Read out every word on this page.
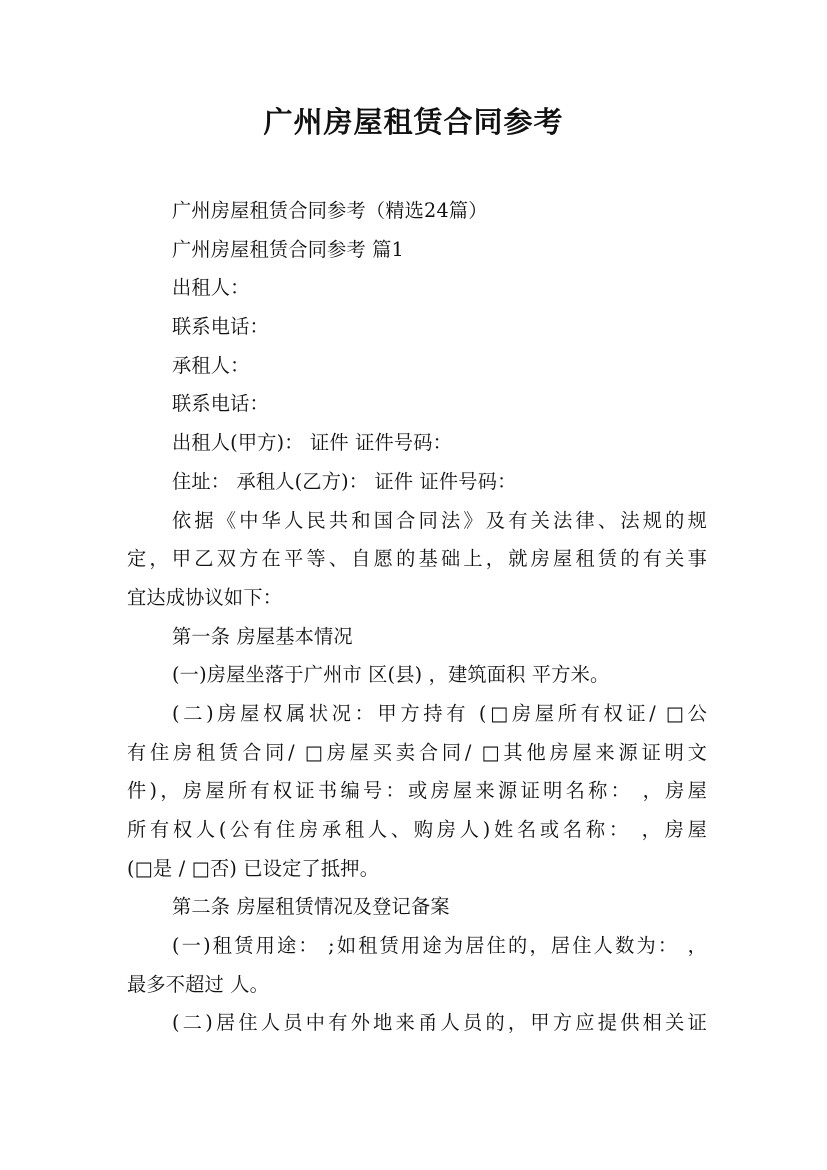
广州房屋租赁合同参考
广州房屋租赁合同参考（精选24篇）
广州房屋租赁合同参考 篇1
出租人：
联系电话：
承租人：
联系电话：
出租人(甲方)： 证件 证件号码：
住址： 承租人(乙方)： 证件 证件号码：
依据《中华人民共和国合同法》及有关法律、法规的规
定，甲乙双方在平等、自愿的基础上，就房屋租赁的有关事
宜达成协议如下：
第一条 房屋基本情况
(一)房屋坐落于广州市 区(县) ，建筑面积 平方米。
(二)房屋权属状况：甲方持有 (□房屋所有权证/ □公
有住房租赁合同/ □房屋买卖合同/ □其他房屋来源证明文
件)，房屋所有权证书编号：或房屋来源证明名称： ，房屋
所有权人(公有住房承租人、购房人)姓名或名称： ，房屋
(□是 / □否) 已设定了抵押。
第二条 房屋租赁情况及登记备案
(一)租赁用途： ;如租赁用途为居住的，居住人数为： ，
最多不超过 人。
(二)居住人员中有外地来甬人员的，甲方应提供相关证
